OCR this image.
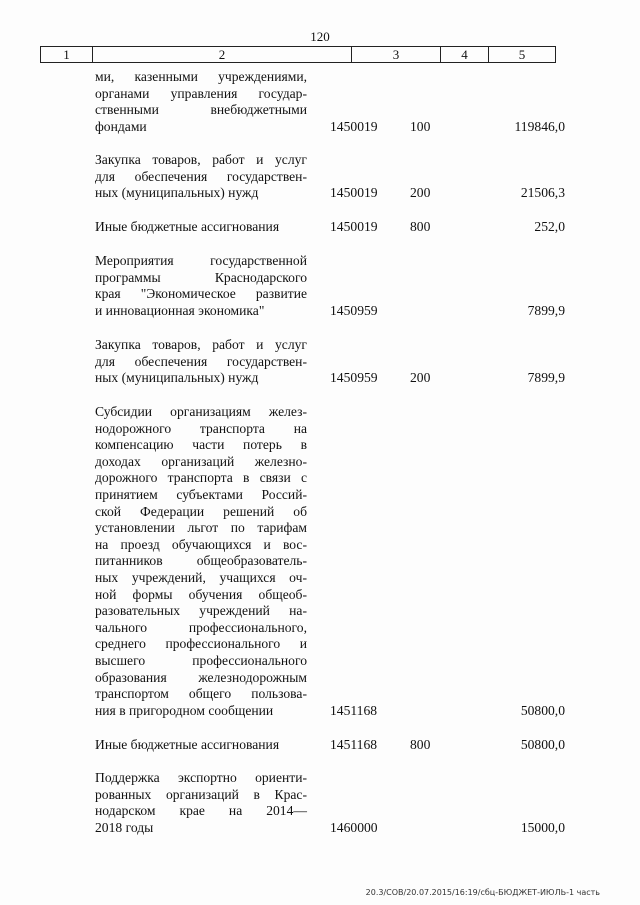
120
1	2	3	4	5
ми, казенными учреждениями,
органами управления государ-
ственными внебюджетными
фондами	1450019 100	119846,0
Закупка товаров, работ и услуг
для обеспечения государствен-
ных (муниципальных) нужд	1450019 200	21506,3
Иные бюджетные ассигнования	1450019 800	252,0
Мероприятия государственной
программы Краснодарского
края "Экономическое развитие
и инновационная экономика"	1450959	7899,9
Закупка товаров, работ и услуг
для обеспечения государствен-
ных (муниципальных) нужд	1450959 200	7899,9
Субсидии организациям желез-
нодорожного транспорта на
компенсацию части потерь в
доходах организаций железно-
дорожного транспорта в связи с
принятием субъектами Россий-
ской Федерации решений об
установлении льгот по тарифам
на проезд обучающихся и вос-
питанников общеобразователь-
ных учреждений, учащихся оч-
ной формы обучения общеоб-
разовательных учреждений на-
чального профессионального,
среднего профессионального и
высшего профессионального
образования железнодорожным
транспортом общего пользова-
ния в пригородном сообщении	1451168	50800,0
Иные бюджетные ассигнования	1451168 800	50800,0
Поддержка экспортно ориенти-
рованных организаций в Крас-
нодарском крае на 2014—
2018 годы	1460000	15000,0
20.3/СОВ/20.07.2015/16:19/сбц-БЮДЖЕТ-ИЮЛЬ-1 часть
